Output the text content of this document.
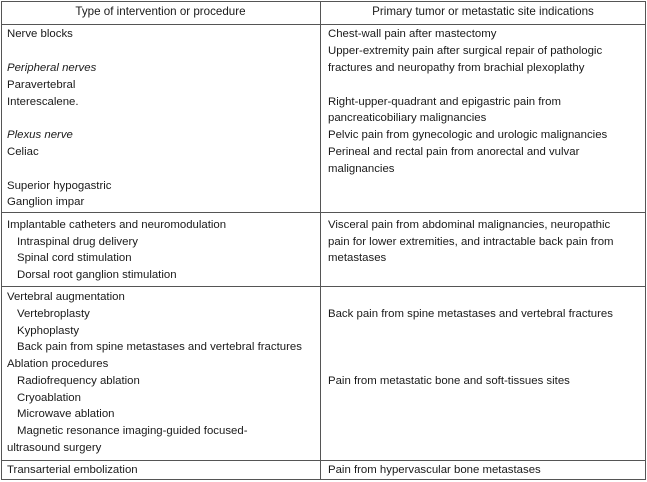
Type of intervention or procedure	Primary tumor or metastatic site indications
Nerve blocks
Peripheral nerves
Paravertebral
Interescalene.
Plexus nerve
Celiac
Superior hypogastric
Ganglion impar
Chest-wall pain after mastectomy
Upper-extremity pain after surgical repair of pathologic
fractures and neuropathy from brachial plexoplathy
Right-upper-quadrant and epigastric pain from
pancreaticobiliary malignancies
Pelvic pain from gynecologic and urologic malignancies
Perineal and rectal pain from anorectal and vulvar
malignancies
Implantable catheters and neuromodulation
Intraspinal drug delivery
Spinal cord stimulation
Dorsal root ganglion stimulation
Visceral pain from abdominal malignancies, neuropathic
pain for lower extremities, and intractable back pain from
metastases
Vertebral augmentation
Vertebroplasty
Kyphoplasty
Back pain from spine metastases and vertebral fractures
Ablation procedures
Radiofrequency ablation
Cryoablation
Microwave ablation
Magnetic resonance imaging-guided focused-
ultrasound surgery
Back pain from spine metastases and vertebral fractures
Pain from metastatic bone and soft-tissues sites
Transarterial embolization	Pain from hypervascular bone metastases
